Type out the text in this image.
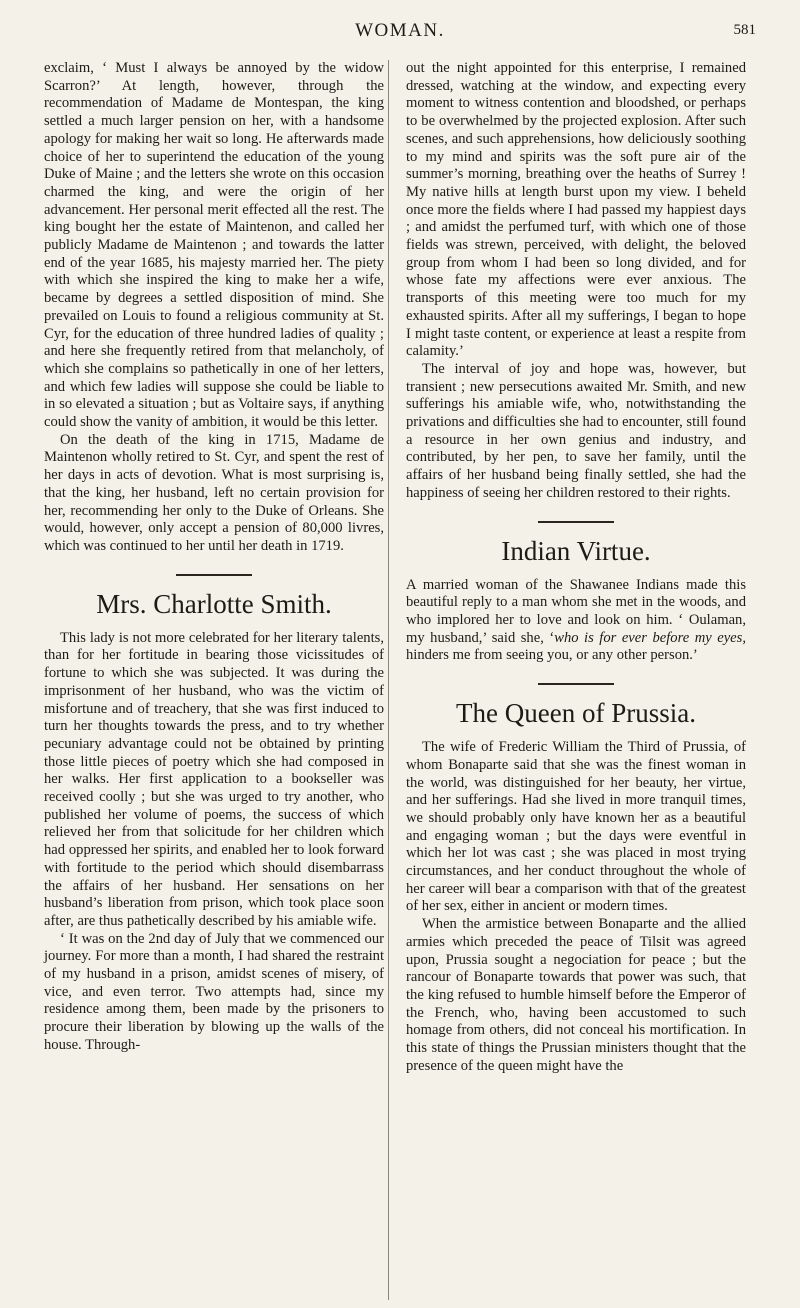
WOMAN.	581

exclaim, ‘ Must I always be annoyed by the widow Scarron?’ At length, however, through the recommendation of Madame de Montespan, the king settled a much larger pension on her, with a handsome apology for making her wait so long. He afterwards made choice of her to superintend the education of the young Duke of Maine ; and the letters she wrote on this occasion charmed the king, and were the origin of her advancement. Her personal merit effected all the rest. The king bought her the estate of Maintenon, and called her publicly Madame de Maintenon ; and towards the latter end of the year 1685, his majesty married her. The piety with which she inspired the king to make her a wife, became by degrees a settled disposition of mind. She prevailed on Louis to found a religious community at St. Cyr, for the education of three hundred ladies of quality ; and here she frequently retired from that melancholy, of which she complains so pathetically in one of her letters, and which few ladies will suppose she could be liable to in so elevated a situation ; but as Voltaire says, if anything could show the vanity of ambition, it would be this letter.

On the death of the king in 1715, Madame de Maintenon wholly retired to St. Cyr, and spent the rest of her days in acts of devotion. What is most surprising is, that the king, her husband, left no certain provision for her, recommending her only to the Duke of Orleans. She would, however, only accept a pension of 80,000 livres, which was continued to her until her death in 1719.

Mrs. Charlotte Smith.

This lady is not more celebrated for her literary talents, than for her fortitude in bearing those vicissitudes of fortune to which she was subjected. It was during the imprisonment of her husband, who was the victim of misfortune and of treachery, that she was first induced to turn her thoughts towards the press, and to try whether pecuniary advantage could not be obtained by printing those little pieces of poetry which she had composed in her walks. Her first application to a bookseller was received coolly ; but she was urged to try another, who published her volume of poems, the success of which relieved her from that solicitude for her children which had oppressed her spirits, and enabled her to look forward with fortitude to the period which should disembarrass the affairs of her husband. Her sensations on her husband’s liberation from prison, which took place soon after, are thus pathetically described by his amiable wife.

‘ It was on the 2nd day of July that we commenced our journey. For more than a month, I had shared the restraint of my husband in a prison, amidst scenes of misery, of vice, and even terror. Two attempts had, since my residence among them, been made by the prisoners to procure their liberation by blowing up the walls of the house. Through-

out the night appointed for this enterprise, I remained dressed, watching at the window, and expecting every moment to witness contention and bloodshed, or perhaps to be overwhelmed by the projected explosion. After such scenes, and such apprehensions, how deliciously soothing to my mind and spirits was the soft pure air of the summer’s morning, breathing over the heaths of Surrey ! My native hills at length burst upon my view. I beheld once more the fields where I had passed my happiest days ; and amidst the perfumed turf, with which one of those fields was strewn, perceived, with delight, the beloved group from whom I had been so long divided, and for whose fate my affections were ever anxious. The transports of this meeting were too much for my exhausted spirits. After all my sufferings, I began to hope I might taste content, or experience at least a respite from calamity.’

The interval of joy and hope was, however, but transient ; new persecutions awaited Mr. Smith, and new sufferings his amiable wife, who, notwithstanding the privations and difficulties she had to encounter, still found a resource in her own genius and industry, and contributed, by her pen, to save her family, until the affairs of her husband being finally settled, she had the happiness of seeing her children restored to their rights.

Indian Virtue.

A married woman of the Shawanee Indians made this beautiful reply to a man whom she met in the woods, and who implored her to love and look on him. ‘ Oulaman, my husband,’ said she, ‘who is for ever before my eyes, hinders me from seeing you, or any other person.’

The Queen of Prussia.

The wife of Frederic William the Third of Prussia, of whom Bonaparte said that she was the finest woman in the world, was distinguished for her beauty, her virtue, and her sufferings. Had she lived in more tranquil times, we should probably only have known her as a beautiful and engaging woman ; but the days were eventful in which her lot was cast ; she was placed in most trying circumstances, and her conduct throughout the whole of her career will bear a comparison with that of the greatest of her sex, either in ancient or modern times.

When the armistice between Bonaparte and the allied armies which preceded the peace of Tilsit was agreed upon, Prussia sought a negociation for peace ; but the rancour of Bonaparte towards that power was such, that the king refused to humble himself before the Emperor of the French, who, having been accustomed to such homage from others, did not conceal his mortification. In this state of things the Prussian ministers thought that the presence of the queen might have the
